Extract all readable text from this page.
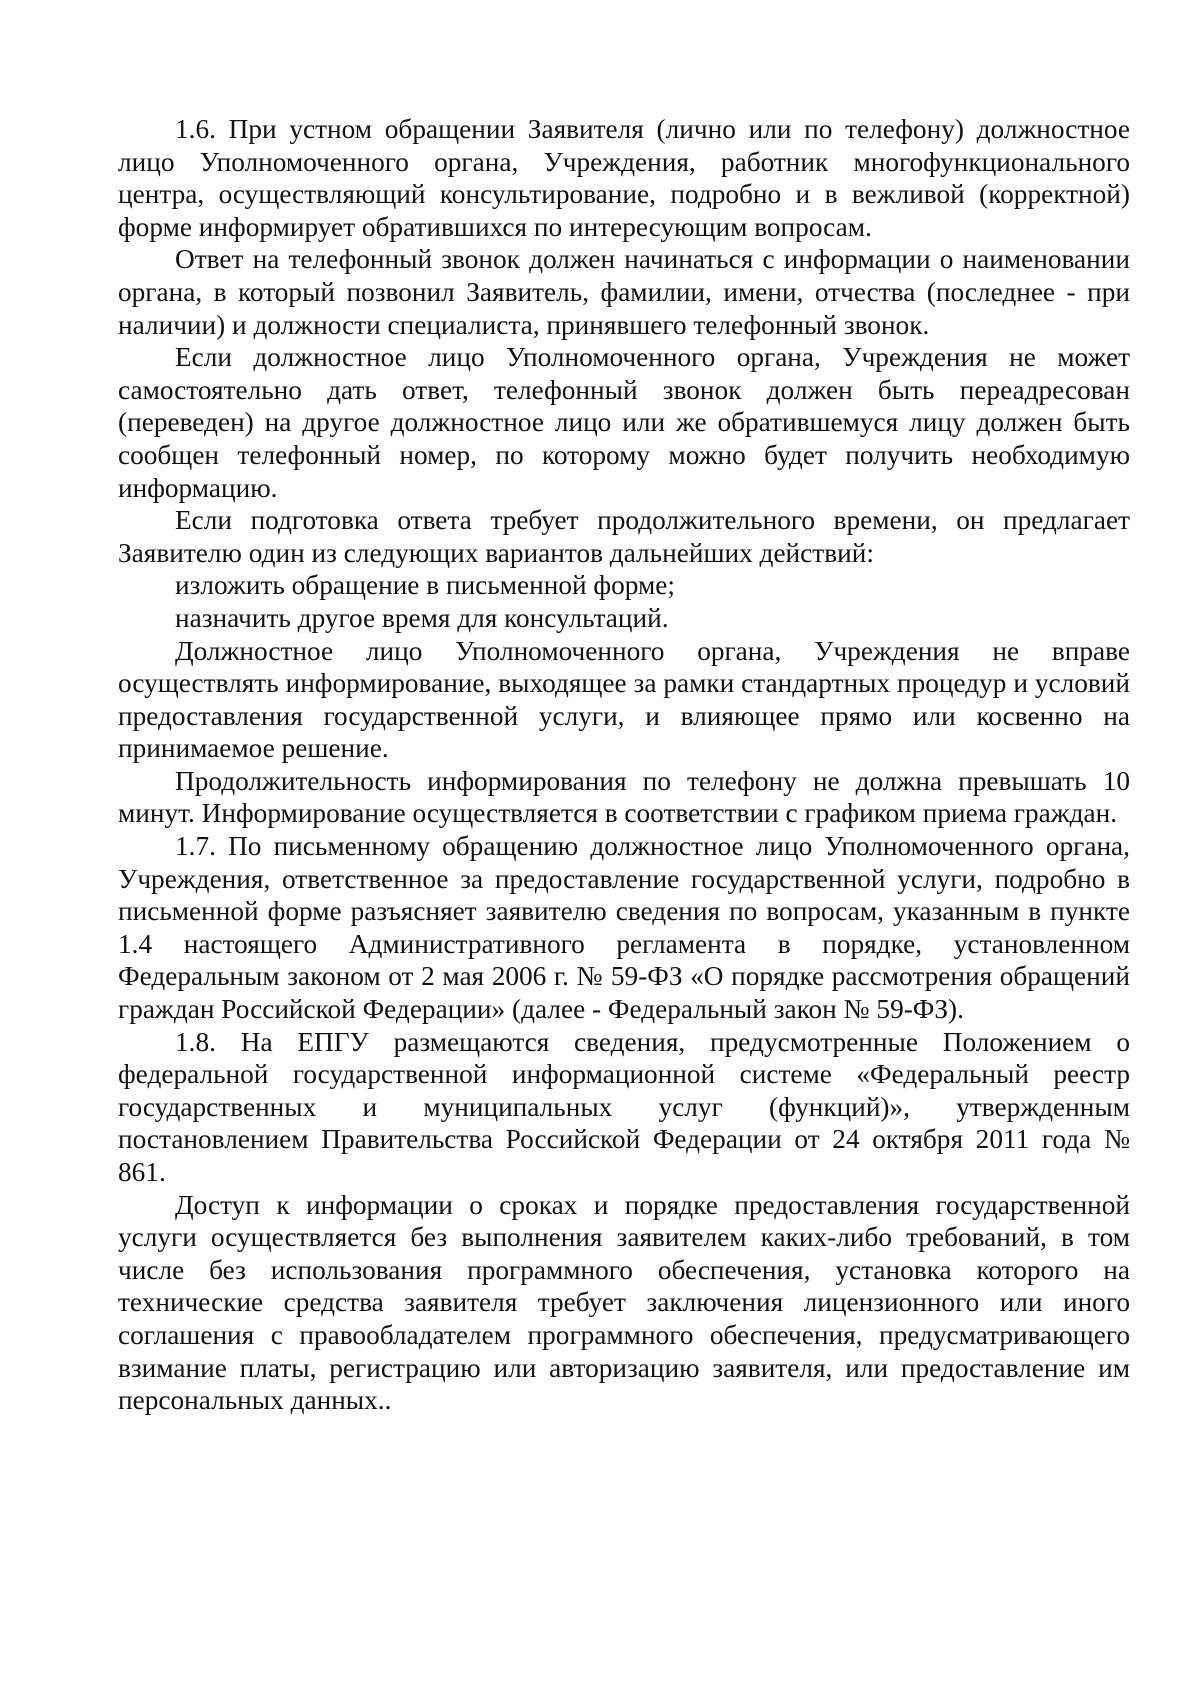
1.6. При устном обращении Заявителя (лично или по телефону) должностное лицо Уполномоченного органа, Учреждения, работник многофункционального центра, осуществляющий консультирование, подробно и в вежливой (корректной) форме информирует обратившихся по интересующим вопросам.

Ответ на телефонный звонок должен начинаться с информации о наименовании органа, в который позвонил Заявитель, фамилии, имени, отчества (последнее - при наличии) и должности специалиста, принявшего телефонный звонок.

Если должностное лицо Уполномоченного органа, Учреждения не может самостоятельно дать ответ, телефонный звонок должен быть переадресован (переведен) на другое должностное лицо или же обратившемуся лицу должен быть сообщен телефонный номер, по которому можно будет получить необходимую информацию.

Если подготовка ответа требует продолжительного времени, он предлагает Заявителю один из следующих вариантов дальнейших действий:

изложить обращение в письменной форме;

назначить другое время для консультаций.

Должностное лицо Уполномоченного органа, Учреждения не вправе осуществлять информирование, выходящее за рамки стандартных процедур и условий предоставления государственной услуги, и влияющее прямо или косвенно на принимаемое решение.

Продолжительность информирования по телефону не должна превышать 10 минут. Информирование осуществляется в соответствии с графиком приема граждан.

1.7. По письменному обращению должностное лицо Уполномоченного органа, Учреждения, ответственное за предоставление государственной услуги, подробно в письменной форме разъясняет заявителю сведения по вопросам, указанным в пункте 1.4 настоящего Административного регламента в порядке, установленном Федеральным законом от 2 мая 2006 г. № 59-ФЗ «О порядке рассмотрения обращений граждан Российской Федерации» (далее - Федеральный закон № 59-ФЗ).

1.8. На ЕПГУ размещаются сведения, предусмотренные Положением о федеральной государственной информационной системе «Федеральный реестр государственных и муниципальных услуг (функций)», утвержденным постановлением Правительства Российской Федерации от 24 октября 2011 года № 861.

Доступ к информации о сроках и порядке предоставления государственной услуги осуществляется без выполнения заявителем каких-либо требований, в том числе без использования программного обеспечения, установка которого на технические средства заявителя требует заключения лицензионного или иного соглашения с правообладателем программного обеспечения, предусматривающего взимание платы, регистрацию или авторизацию заявителя, или предоставление им персональных данных..
